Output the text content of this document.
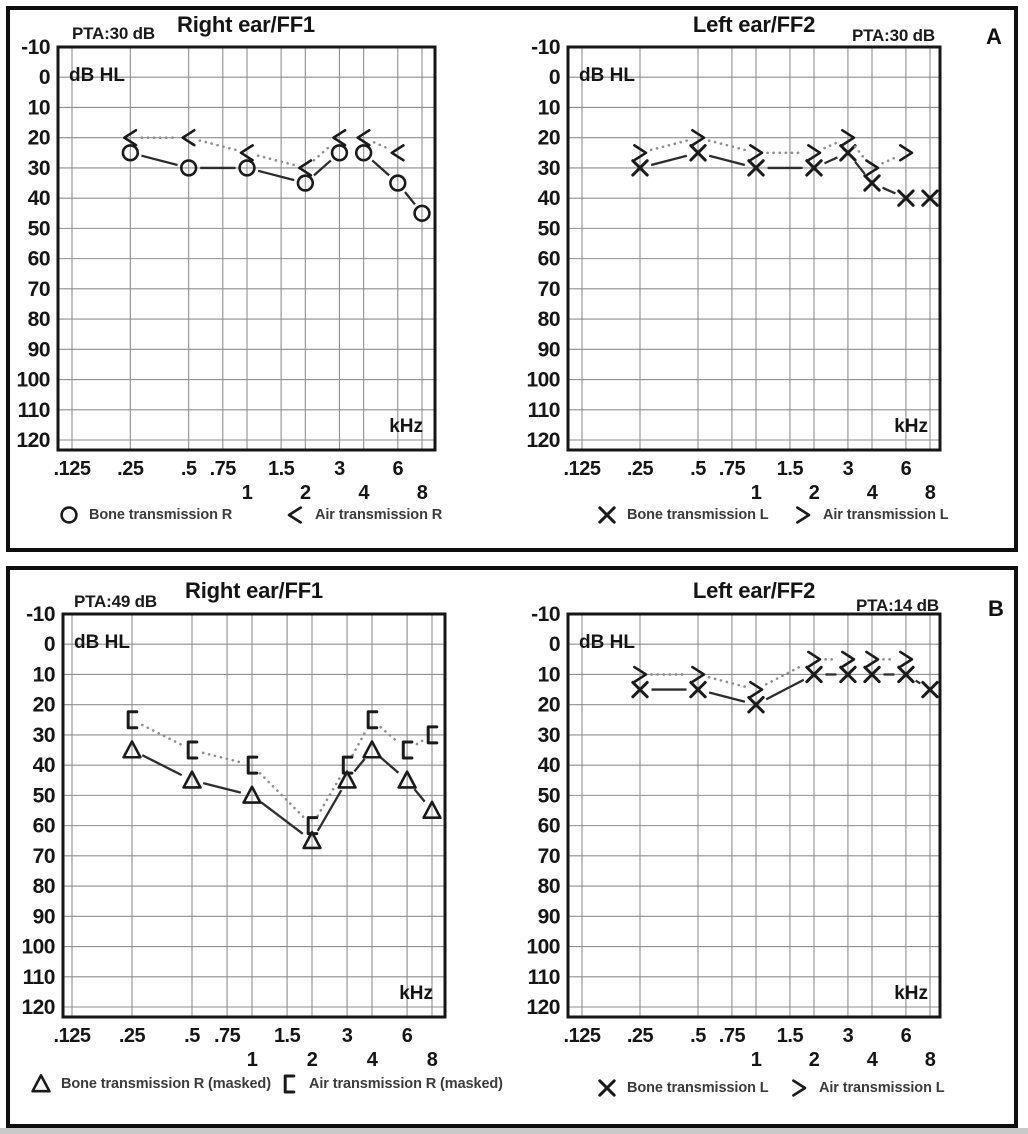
A
B
Right ear/FF1	Left ear/FF2
Right ear/FF1	Left ear/FF2
PTA:30 dB	PTA:30 dB
PTA:49 dB	PTA:14 dB
-10
0
10
20
30
40
50
60
70
80
90
100
110
120
.125 .25 .5 .75
1
1.5
2
3
4
6
8
dB HL
kHz
-10
0
10
20
30
40
50
60
70
80
90
100
110
120
.125 .25 .5 .75
1
1.5
2
3
4
6
8
dB HL
kHz
-10
0
10
20
30
40
50
60
70
80
90
100
110
120
.125 .25 .5 .75
1
1.5
2
3
4
6
8
dB HL
kHz
-10
0
10
20
30
40
50
60
70
80
90
100
110
120
.125 .25 .5 .75
1
1.5
2
3
4
6
8
dB HL
kHz
Bone transmission R	Air transmission R	Bone transmission L	Air transmission L
Bone transmission R (masked)	Air transmission R (masked)	Bone transmission L	Air transmission L
